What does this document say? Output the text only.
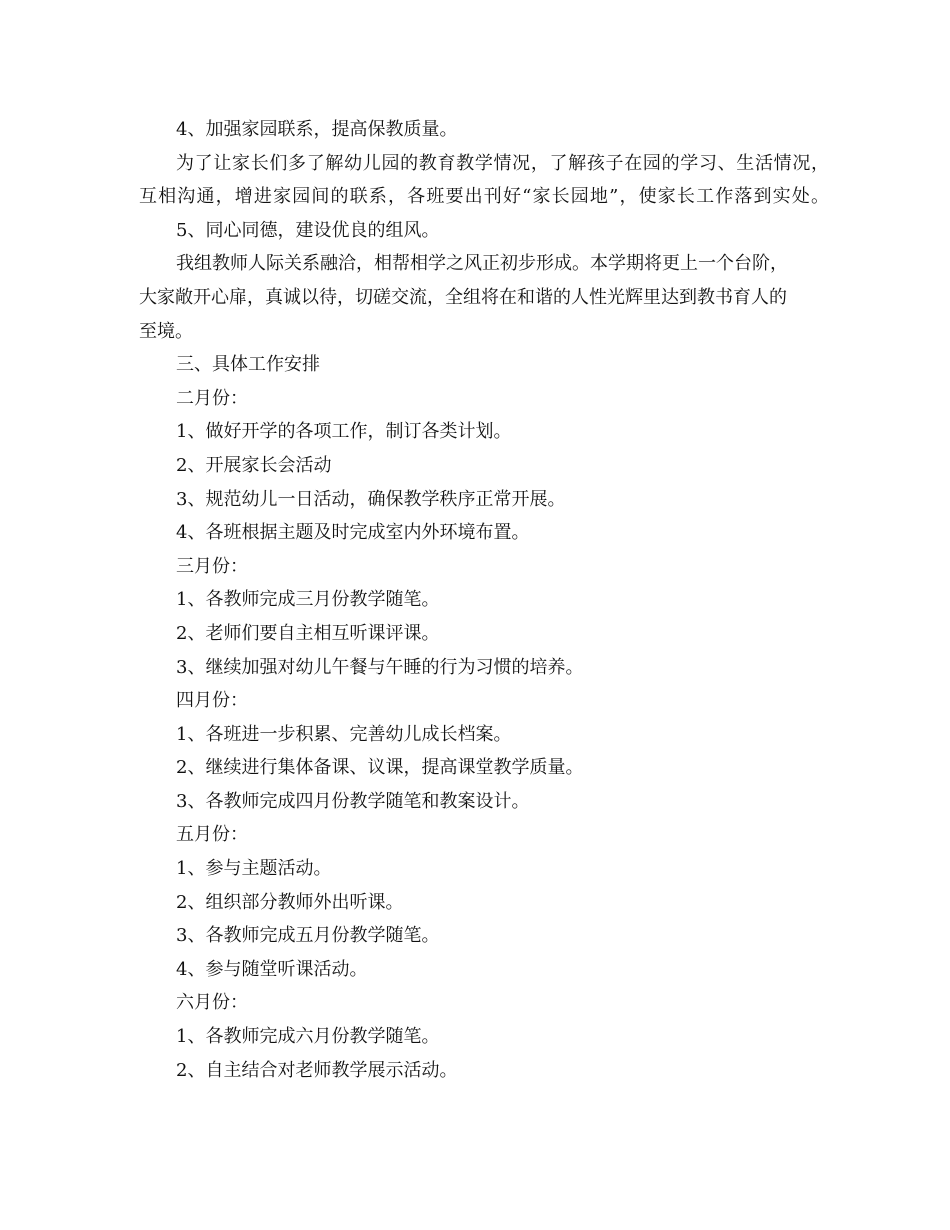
4、加强家园联系，提高保教质量。
为了让家长们多了解幼儿园的教育教学情况，了解孩子在园的学习、生活情况，
互相沟通，增进家园间的联系，各班要出刊好“家长园地”，使家长工作落到实处。
5、同心同德，建设优良的组风。
我组教师人际关系融洽，相帮相学之风正初步形成。本学期将更上一个台阶，
大家敞开心扉，真诚以待，切磋交流，全组将在和谐的人性光辉里达到教书育人的
至境。
三、具体工作安排
二月份：
1、做好开学的各项工作，制订各类计划。
2、开展家长会活动
3、规范幼儿一日活动，确保教学秩序正常开展。
4、各班根据主题及时完成室内外环境布置。
三月份：
1、各教师完成三月份教学随笔。
2、老师们要自主相互听课评课。
3、继续加强对幼儿午餐与午睡的行为习惯的培养。
四月份：
1、各班进一步积累、完善幼儿成长档案。
2、继续进行集体备课、议课，提高课堂教学质量。
3、各教师完成四月份教学随笔和教案设计。
五月份：
1、参与主题活动。
2、组织部分教师外出听课。
3、各教师完成五月份教学随笔。
4、参与随堂听课活动。
六月份：
1、各教师完成六月份教学随笔。
2、自主结合对老师教学展示活动。
